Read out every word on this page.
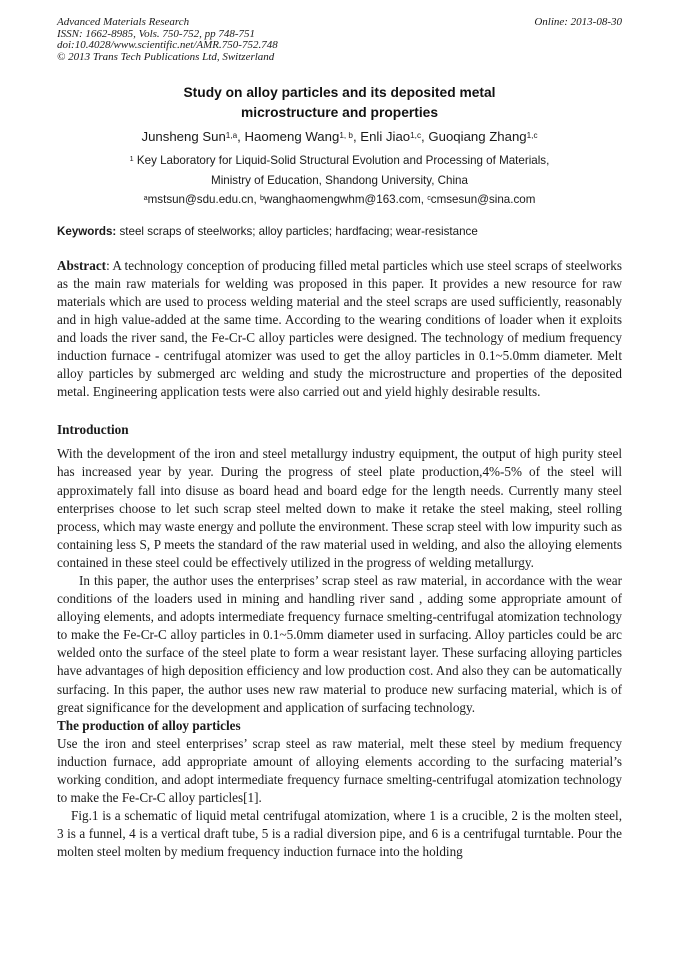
Advanced Materials Research
ISSN: 1662-8985, Vols. 750-752, pp 748-751
doi:10.4028/www.scientific.net/AMR.750-752.748
© 2013 Trans Tech Publications Ltd, Switzerland
Online: 2013-08-30
Study on alloy particles and its deposited metal
microstructure and properties
Junsheng Sun$^{1,a}$, Haomeng Wang$^{1, b}$, Enli Jiao$^{1,c}$, Guoqiang Zhang$^{1,c}$
$^1$ Key Laboratory for Liquid-Solid Structural Evolution and Processing of Materials,
Ministry of Education, Shandong University, China
$^a$mstsun@sdu.edu.cn, $^b$wanghaomengwhm@163.com, $^c$cmsesun@sina.com

Keywords: steel scraps of steelworks; alloy particles; hardfacing; wear-resistance

Abstract: A technology conception of producing filled metal particles which use steel scraps of steelworks as the main raw materials for welding was proposed in this paper. It provides a new resource for raw materials which are used to process welding material and the steel scraps are used sufficiently, reasonably and in high value-added at the same time. According to the wearing conditions of loader when it exploits and loads the river sand, the Fe-Cr-C alloy particles were designed. The technology of medium frequency induction furnace - centrifugal atomizer was used to get the alloy particles in 0.1~5.0mm diameter. Melt alloy particles by submerged arc welding and study the microstructure and properties of the deposited metal. Engineering application tests were also carried out and yield highly desirable results.

Introduction

With the development of the iron and steel metallurgy industry equipment, the output of high purity steel has increased year by year. During the progress of steel plate production,4%-5% of the steel will approximately fall into disuse as board head and board edge for the length needs. Currently many steel enterprises choose to let such scrap steel melted down to make it retake the steel making, steel rolling process, which may waste energy and pollute the environment. These scrap steel with low impurity such as containing less S, P meets the standard of the raw material used in welding, and also the alloying elements contained in these steel could be effectively utilized in the progress of welding metallurgy.

In this paper, the author uses the enterprises’ scrap steel as raw material, in accordance with the wear conditions of the loaders used in mining and handling river sand , adding some appropriate amount of alloying elements, and adopts intermediate frequency furnace smelting-centrifugal atomization technology to make the Fe-Cr-C alloy particles in 0.1~5.0mm diameter used in surfacing. Alloy particles could be arc welded onto the surface of the steel plate to form a wear resistant layer. These surfacing alloying particles have advantages of high deposition efficiency and low production cost. And also they can be automatically surfacing. In this paper, the author uses new raw material to produce new surfacing material, which is of great significance for the development and application of surfacing technology.

The production of alloy particles

Use the iron and steel enterprises’ scrap steel as raw material, melt these steel by medium frequency induction furnace, add appropriate amount of alloying elements according to the surfacing material’s working condition, and adopt intermediate frequency furnace smelting-centrifugal atomization technology to make the Fe-Cr-C alloy particles[1].

Fig.1 is a schematic of liquid metal centrifugal atomization, where 1 is a crucible, 2 is the molten steel, 3 is a funnel, 4 is a vertical draft tube, 5 is a radial diversion pipe, and 6 is a centrifugal turntable. Pour the molten steel molten by medium frequency induction furnace into the holding
